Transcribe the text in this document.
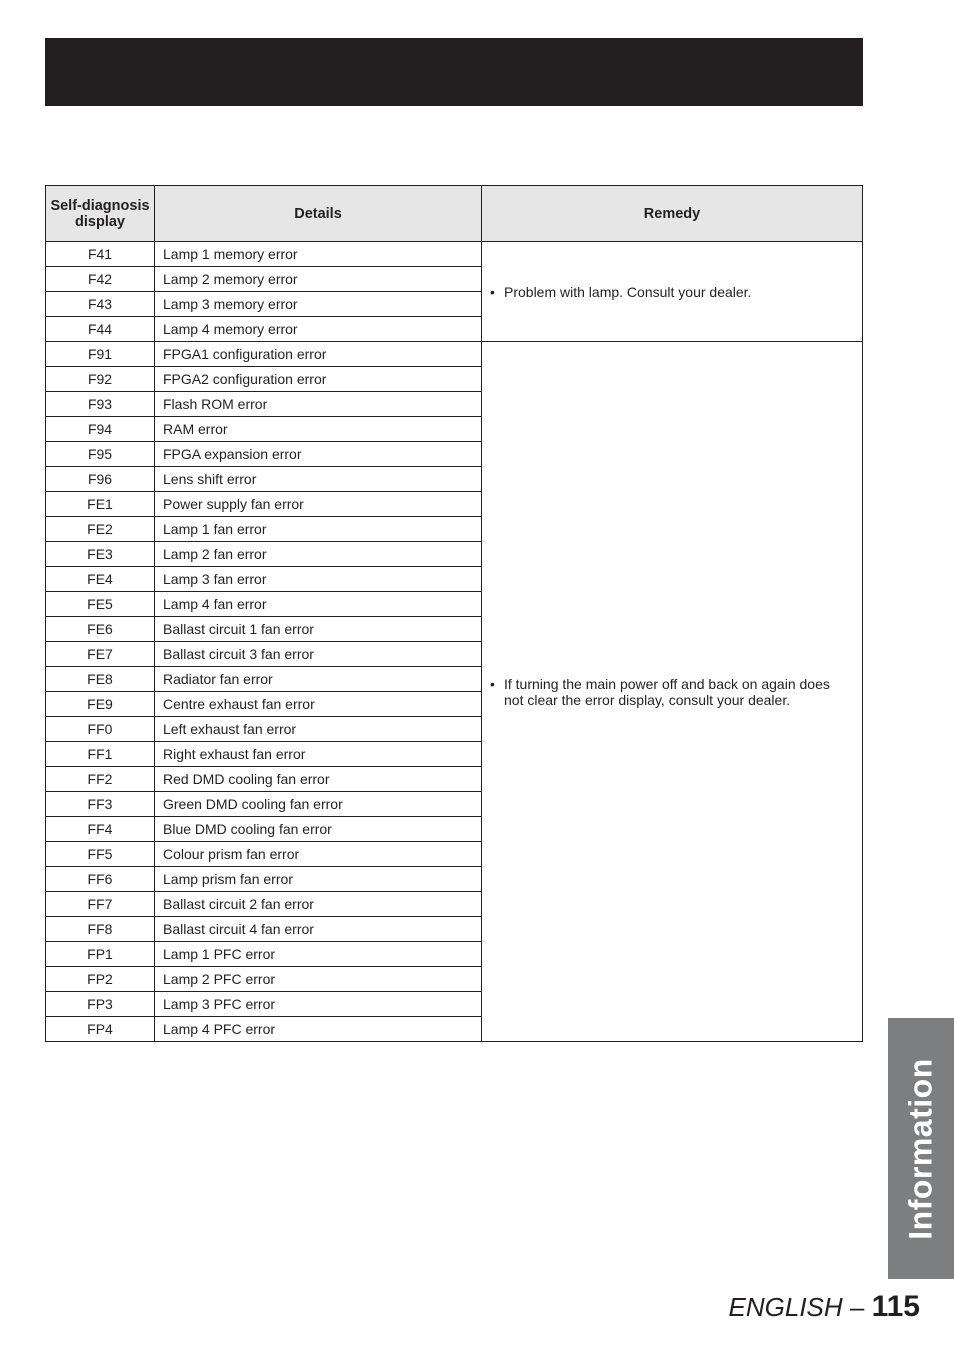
Self-diagnosis display	Details	Remedy
F41	Lamp 1 memory error	• Problem with lamp. Consult your dealer.
F42	Lamp 2 memory error	
F43	Lamp 3 memory error	
F44	Lamp 4 memory error	
F91	FPGA1 configuration error	• If turning the main power off and back on again does not clear the error display, consult your dealer.
F92	FPGA2 configuration error	
F93	Flash ROM error	
F94	RAM error	
F95	FPGA expansion error	
F96	Lens shift error	
FE1	Power supply fan error	
FE2	Lamp 1 fan error	
FE3	Lamp 2 fan error	
FE4	Lamp 3 fan error	
FE5	Lamp 4 fan error	
FE6	Ballast circuit 1 fan error	
FE7	Ballast circuit 3 fan error	
FE8	Radiator fan error	
FE9	Centre exhaust fan error	
FF0	Left exhaust fan error	
FF1	Right exhaust fan error	
FF2	Red DMD cooling fan error	
FF3	Green DMD cooling fan error	
FF4	Blue DMD cooling fan error	
FF5	Colour prism fan error	
FF6	Lamp prism fan error	
FF7	Ballast circuit 2 fan error	
FF8	Ballast circuit 4 fan error	
FP1	Lamp 1 PFC error	
FP2	Lamp 2 PFC error	
FP3	Lamp 3 PFC error	
FP4	Lamp 4 PFC error	
Information
ENGLISH – 115
